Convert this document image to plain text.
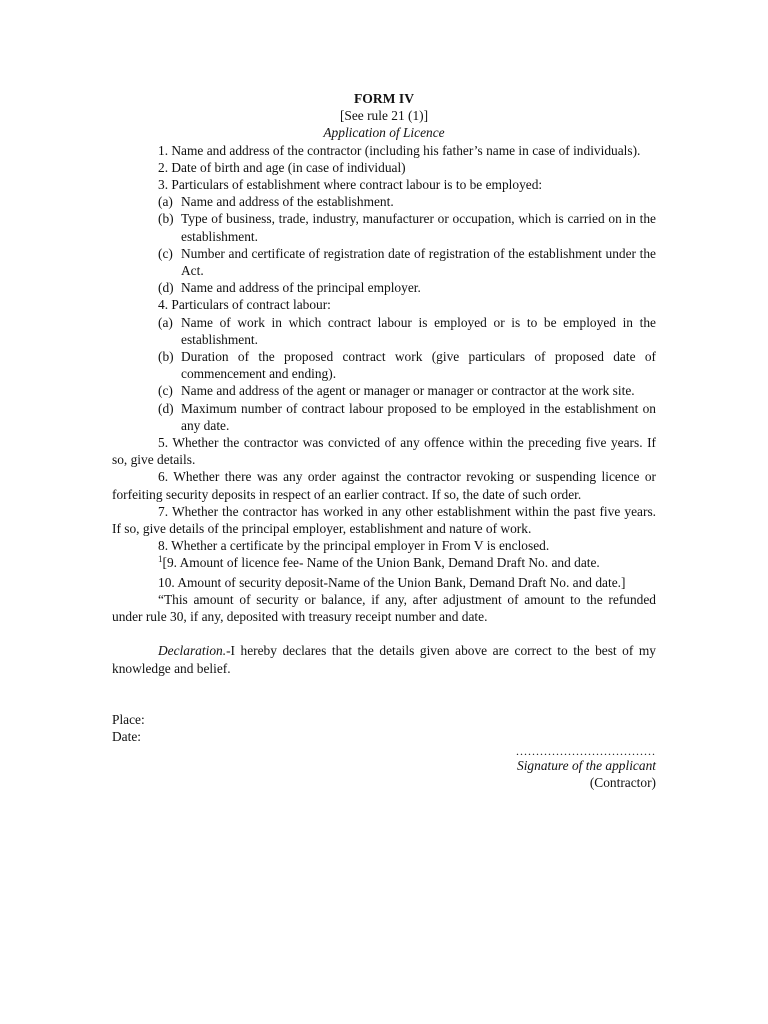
FORM IV
[See rule 21 (1)]
Application of Licence

1. Name and address of the contractor (including his father’s name in case of individuals).

2. Date of birth and age (in case of individual)

3. Particulars of establishment where contract labour is to be employed:

(a) Name and address of the establishment.

(b) Type of business, trade, industry, manufacturer or occupation, which is carried on in the establishment.

(c) Number and certificate of registration date of registration of the establishment under the Act.

(d) Name and address of the principal employer.

4. Particulars of contract labour:

(a) Name of work in which contract labour is employed or is to be employed in the establishment.

(b) Duration of the proposed contract work (give particulars of proposed date of commencement and ending).

(c) Name and address of the agent or manager or manager or contractor at the work site.

(d) Maximum number of contract labour proposed to be employed in the establishment on any date.

5. Whether the contractor was convicted of any offence within the preceding five years. If so, give details.

6. Whether there was any order against the contractor revoking or suspending licence or forfeiting security deposits in respect of an earlier contract. If so, the date of such order.

7. Whether the contractor has worked in any other establishment within the past five years. If so, give details of the principal employer, establishment and nature of work.

8. Whether a certificate by the principal employer in From V is enclosed.

$^1$[9. Amount of licence fee- Name of the Union Bank, Demand Draft No. and date.

10. Amount of security deposit-Name of the Union Bank, Demand Draft No. and date.]

“This amount of security or balance, if any, after adjustment of amount to the refunded under rule 30, if any, deposited with treasury receipt number and date.

Declaration.-I hereby declares that the details given above are correct to the best of my knowledge and belief.

Place:
Date:
...................................
Signature of the applicant
(Contractor)
